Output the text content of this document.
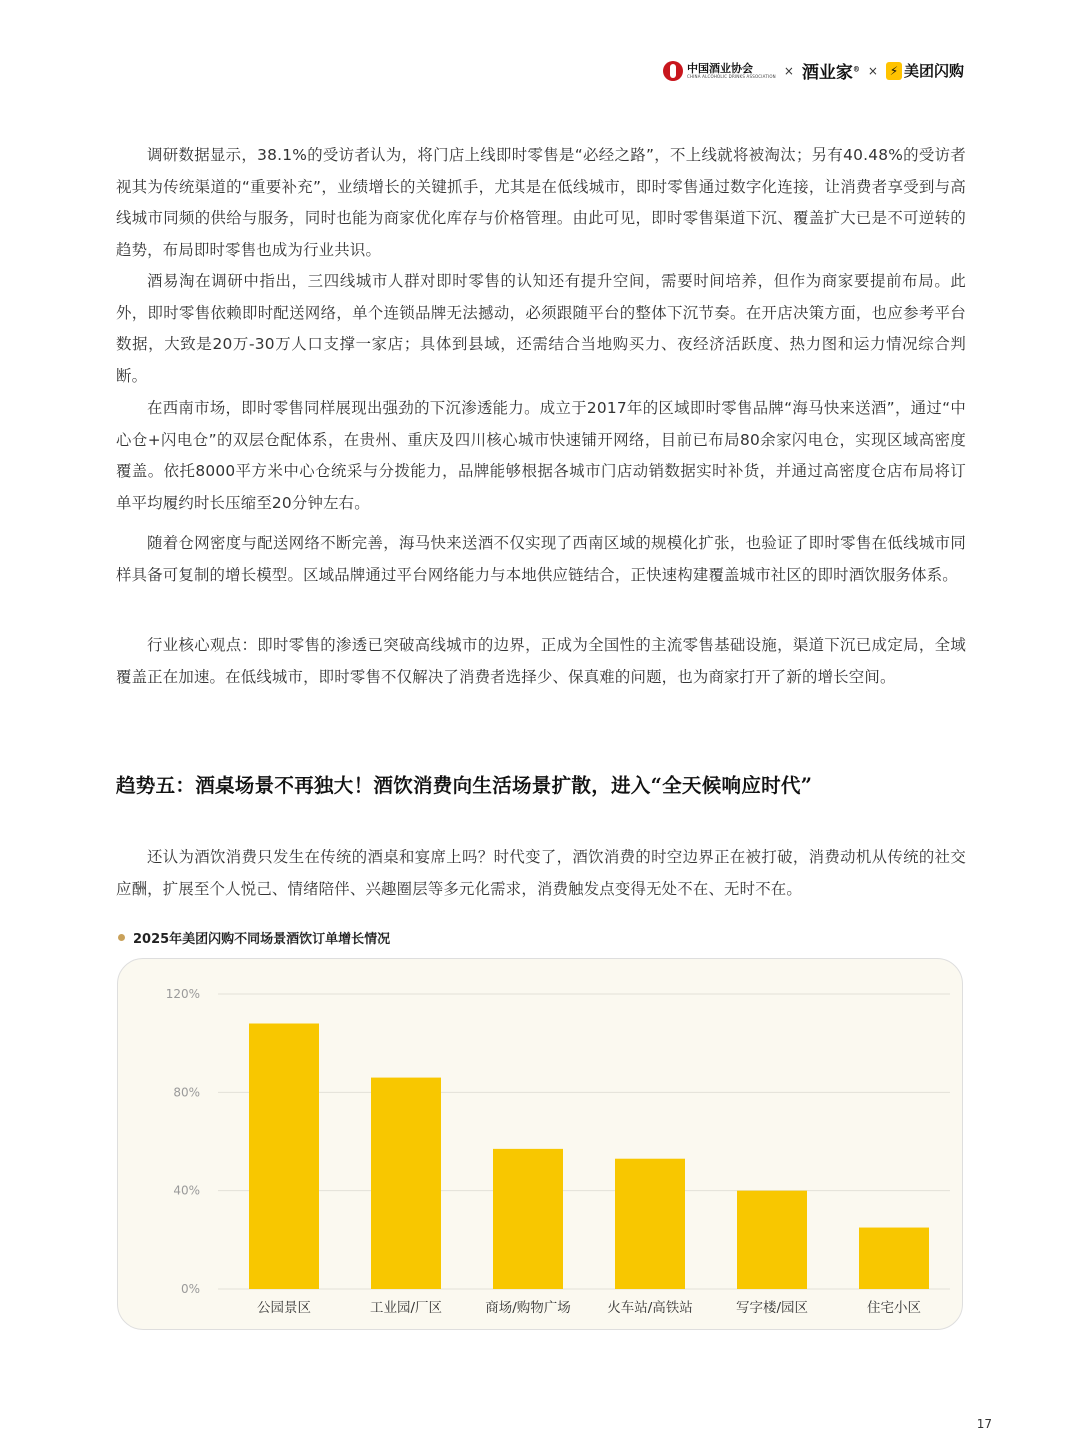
中国酒业协会
CHINA ALCOHOLIC DRINKS ASSOCIATION × 酒业家® × ⚡ 美团闪购

调研数据显示，38.1%的受访者认为，将门店上线即时零售是“必经之路”，不上线就将被淘汰；另有40.48%的受访者视其为传统渠道的“重要补充”，业绩增长的关键抓手，尤其是在低线城市，即时零售通过数字化连接，让消费者享受到与高线城市同频的供给与服务，同时也能为商家优化库存与价格管理。由此可见，即时零售渠道下沉、覆盖扩大已是不可逆转的趋势，布局即时零售也成为行业共识。

酒易淘在调研中指出，三四线城市人群对即时零售的认知还有提升空间，需要时间培养，但作为商家要提前布局。此外，即时零售依赖即时配送网络，单个连锁品牌无法撼动，必须跟随平台的整体下沉节奏。在开店决策方面，也应参考平台数据，大致是20万-30万人口支撑一家店；具体到县域，还需结合当地购买力、夜经济活跃度、热力图和运力情况综合判断。

在西南市场，即时零售同样展现出强劲的下沉渗透能力。成立于2017年的区域即时零售品牌“海马快来送酒”，通过“中心仓+闪电仓”的双层仓配体系，在贵州、重庆及四川核心城市快速铺开网络，目前已布局80余家闪电仓，实现区域高密度覆盖。依托8000平方米中心仓统采与分拨能力，品牌能够根据各城市门店动销数据实时补货，并通过高密度仓店布局将订单平均履约时长压缩至20分钟左右。

随着仓网密度与配送网络不断完善，海马快来送酒不仅实现了西南区域的规模化扩张，也验证了即时零售在低线城市同样具备可复制的增长模型。区域品牌通过平台网络能力与本地供应链结合，正快速构建覆盖城市社区的即时酒饮服务体系。

行业核心观点：即时零售的渗透已突破高线城市的边界，正成为全国性的主流零售基础设施，渠道下沉已成定局，全域覆盖正在加速。在低线城市，即时零售不仅解决了消费者选择少、保真难的问题，也为商家打开了新的增长空间。

趋势五：酒桌场景不再独大！酒饮消费向生活场景扩散，进入“全天候响应时代”

还认为酒饮消费只发生在传统的酒桌和宴席上吗？时代变了，酒饮消费的时空边界正在被打破，消费动机从传统的社交应酬，扩展至个人悦己、情绪陪伴、兴趣圈层等多元化需求，消费触发点变得无处不在、无时不在。

2025年美团闪购不同场景酒饮订单增长情况
0%
40%
80%
120%
公园景区	工业园/厂区	商场/购物广场	火车站/高铁站	写字楼/园区	住宅小区
17
